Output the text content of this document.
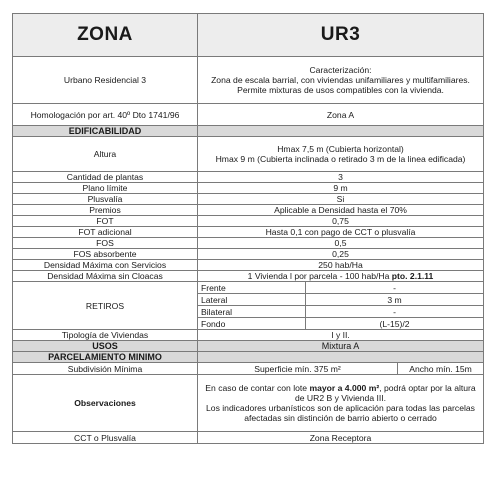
ZONA	UR3		
Urbano Residencial 3	Caracterización:
Zona de escala barrial, con viviendas unifamiliares y multifamiliares. Permite mixturas de usos compatibles con la vivienda.		
Homologación por art. 40º Dto 1741/96	Zona A		
EDIFICABILIDAD			
Altura	Hmax 7,5 m (Cubierta horizontal)
Hmax 9 m (Cubierta inclinada o retirado 3 m de la linea edificada)		
Cantidad de plantas	3		
Plano límite	9 m		
Plusvalía	Si		
Premios	Aplicable a Densidad hasta el 70%		
FOT	0,75		
FOT adicional	Hasta 0,1 con pago de CCT o plusvalía		
FOS	0,5		
FOS absorbente	0,25		
Densidad Máxima con Servicios	250 hab/Ha		
Densidad Máxima sin Cloacas	1 Vivienda l por parcela - 100 hab/Ha pto. 2.1.11		
RETIROS	Frente	-	
	Lateral	3 m	
	Bilateral	-	
	Fondo	(L-15)/2	
Tipología de Viviendas	I y II.		
USOS	Mixtura A		
PARCELAMIENTO MINIMO			
Subdivisión Mínima	Superficie mín. 375 m²		Ancho mín. 15m
Observaciones	En caso de contar con lote mayor a 4.000 m², podrá optar por la altura de UR2 B y Vivienda III.
Los indicadores urbanísticos son de aplicación para todas las parcelas afectadas sin distinción de barrio abierto o cerrado		
CCT o Plusvalía	Zona Receptora		
